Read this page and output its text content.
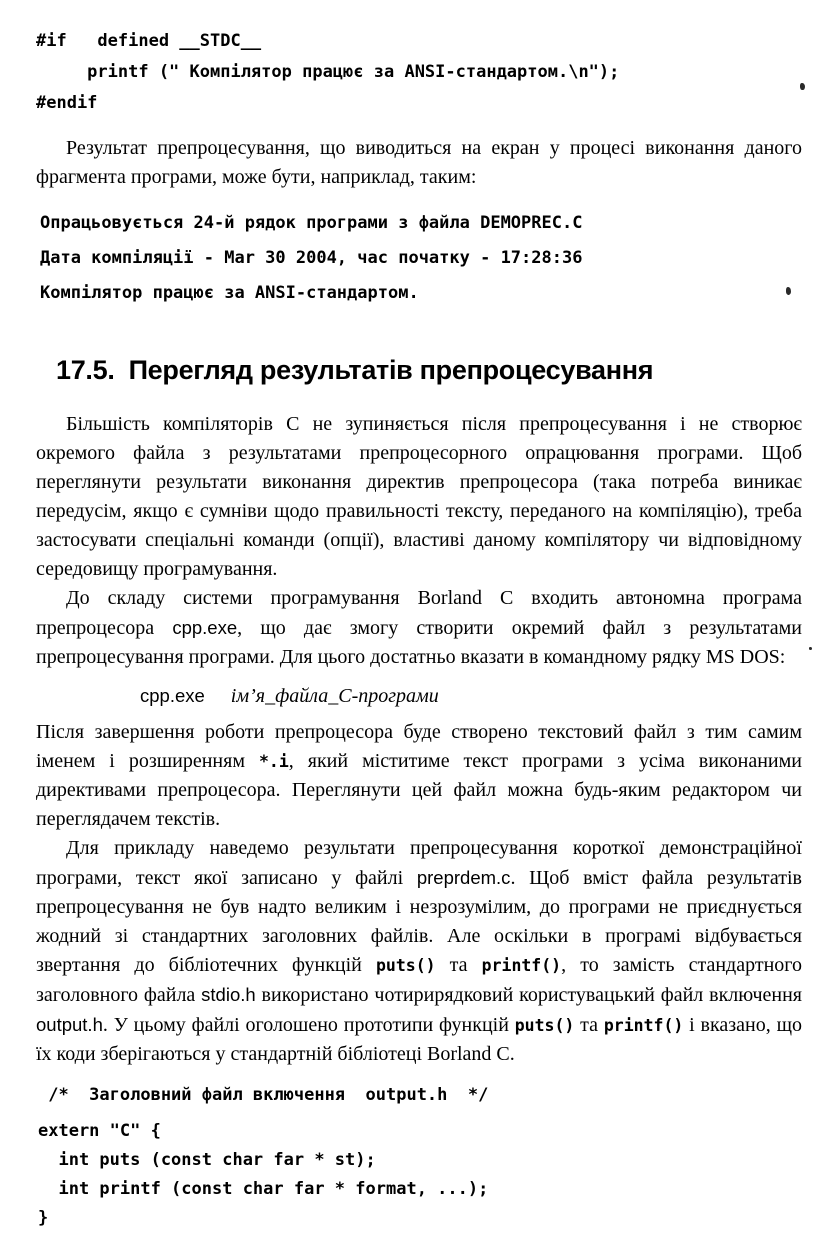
#if   defined __STDC__
printf (" Компілятор працює за ANSI-стандартом.\n");
#endif

Результат препроцесування, що виводиться на екран у процесі виконання даного фрагмента програми, може бути, наприклад, таким:

Опрацьовується 24-й рядок програми з файла DEMOPREC.C
Дата компіляції - Mar 30 2004, час початку - 17:28:36
Компілятор працює за ANSI-стандартом.
17.5. Перегляд результатів препроцесування

Більшість компіляторів С не зупиняється після препроцесування і не створює окремого файла з результатами препроцесорного опрацювання програми. Щоб переглянути результати виконання директив препроцесора (така потреба виникає передусім, якщо є сумніви щодо правильності тексту, переданого на компіляцію), треба застосувати спеціальні команди (опції), властиві даному компілятору чи відповідному середовищу програмування.

До складу системи програмування Borland C входить автономна програма препроцесора cpp.exe, що дає змогу створити окремий файл з результатами препроцесування програми. Для цього достатньо вказати в командному рядку MS DOS:

cpp.exe ім’я_файла_С-програми

Після завершення роботи препроцесора буде створено текстовий файл з тим самим іменем і розширенням *.i, який міститиме текст програми з усіма виконаними директивами препроцесора. Переглянути цей файл можна будь-яким редактором чи переглядачем текстів.

Для прикладу наведемо результати препроцесування короткої демонстраційної програми, текст якої записано у файлі preprdem.c. Щоб вміст файла результатів препроцесування не був надто великим і незрозумілим, до програми не приєднується жодний зі стандартних заголовних файлів. Але оскільки в програмі відбувається звертання до бібліотечних функцій puts() та printf(), то замість стандартного заголовного файла stdio.h використано чотирирядковий користувацький файл включення output.h. У цьому файлі оголошено прототипи функцій puts() та printf() і вказано, що їх коди зберігаються у стандартній бібліотеці Borland C.

/*  Заголовний файл включення  output.h  */
extern "C" {
int puts (const char far * st);
int printf (const char far * format, ...);
}
